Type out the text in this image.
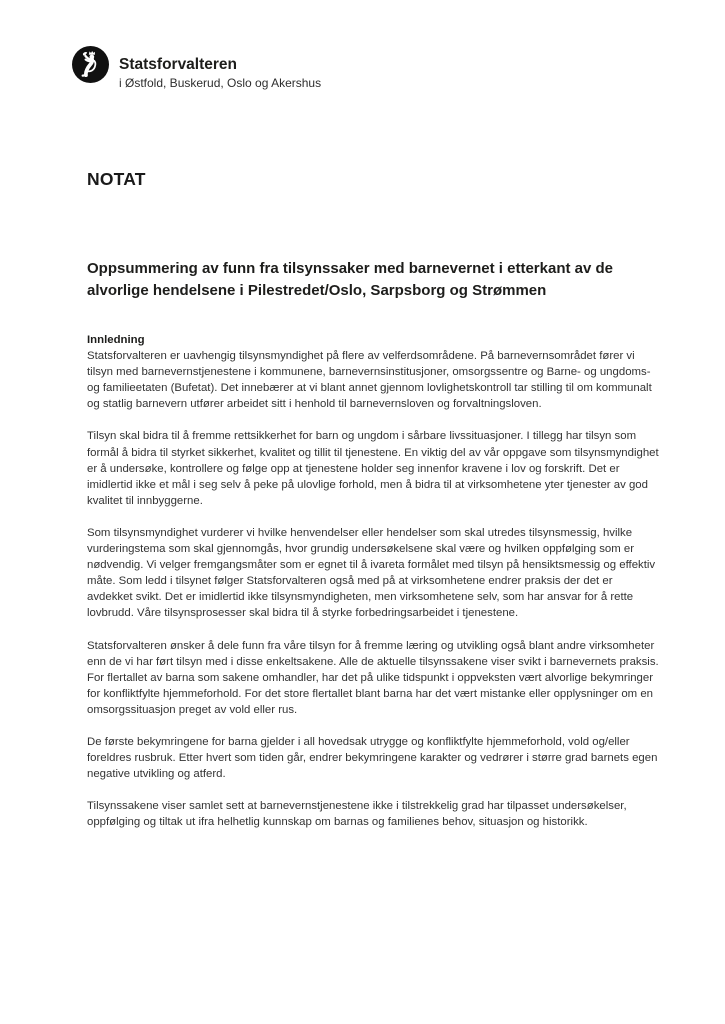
Statsforvalteren
i Østfold, Buskerud, Oslo og Akershus
NOTAT
Oppsummering av funn fra tilsynssaker med barnevernet i etterkant av de alvorlige hendelsene i Pilestredet/Oslo, Sarpsborg og Strømmen
Innledning

Statsforvalteren er uavhengig tilsynsmyndighet på flere av velferdsområdene. På barnevernsområdet fører vi tilsyn med barnevernstjenestene i kommunene, barnevernsinstitusjoner, omsorgssentre og Barne- og ungdoms- og familieetaten (Bufetat). Det innebærer at vi blant annet gjennom lovlighetskontroll tar stilling til om kommunalt og statlig barnevern utfører arbeidet sitt i henhold til barnevernsloven og forvaltningsloven.

Tilsyn skal bidra til å fremme rettsikkerhet for barn og ungdom i sårbare livssituasjoner. I tillegg har tilsyn som formål å bidra til styrket sikkerhet, kvalitet og tillit til tjenestene. En viktig del av vår oppgave som tilsynsmyndighet er å undersøke, kontrollere og følge opp at tjenestene holder seg innenfor kravene i lov og forskrift. Det er imidlertid ikke et mål i seg selv å peke på ulovlige forhold, men å bidra til at virksomhetene yter tjenester av god kvalitet til innbyggerne.

Som tilsynsmyndighet vurderer vi hvilke henvendelser eller hendelser som skal utredes tilsynsmessig, hvilke vurderingstema som skal gjennomgås, hvor grundig undersøkelsene skal være og hvilken oppfølging som er nødvendig. Vi velger fremgangsmåter som er egnet til å ivareta formålet med tilsyn på hensiktsmessig og effektiv måte. Som ledd i tilsynet følger Statsforvalteren også med på at virksomhetene endrer praksis der det er avdekket svikt. Det er imidlertid ikke tilsynsmyndigheten, men virksomhetene selv, som har ansvar for å rette lovbrudd. Våre tilsynsprosesser skal bidra til å styrke forbedringsarbeidet i tjenestene.

Statsforvalteren ønsker å dele funn fra våre tilsyn for å fremme læring og utvikling også blant andre virksomheter enn de vi har ført tilsyn med i disse enkeltsakene. Alle de aktuelle tilsynssakene viser svikt i barnevernets praksis. For flertallet av barna som sakene omhandler, har det på ulike tidspunkt i oppveksten vært alvorlige bekymringer for konfliktfylte hjemmeforhold. For det store flertallet blant barna har det vært mistanke eller opplysninger om en omsorgssituasjon preget av vold eller rus.

De første bekymringene for barna gjelder i all hovedsak utrygge og konfliktfylte hjemmeforhold, vold og/eller foreldres rusbruk. Etter hvert som tiden går, endrer bekymringene karakter og vedrører i større grad barnets egen negative utvikling og atferd.

Tilsynssakene viser samlet sett at barnevernstjenestene ikke i tilstrekkelig grad har tilpasset undersøkelser, oppfølging og tiltak ut ifra helhetlig kunnskap om barnas og familienes behov, situasjon og historikk.
